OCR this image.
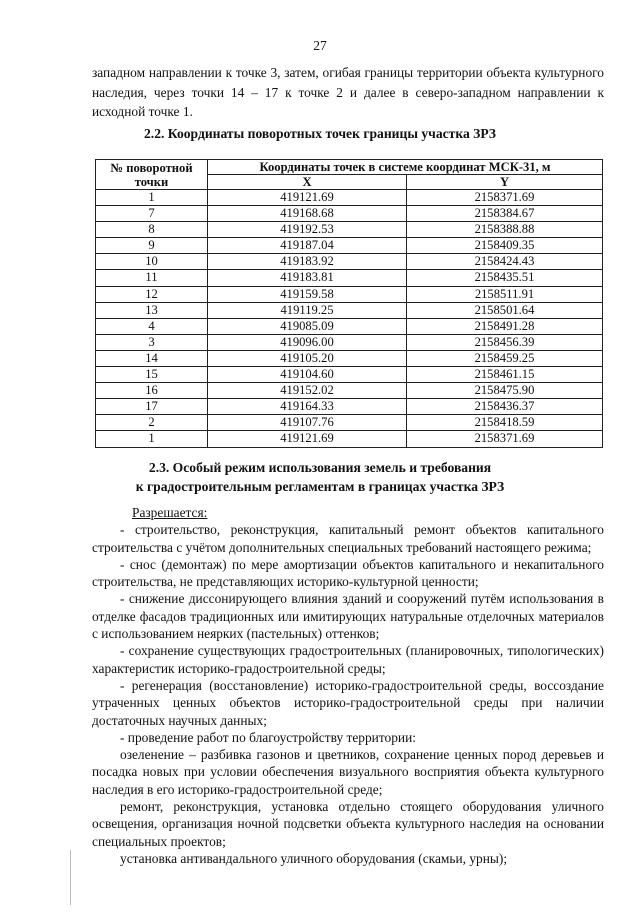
27

западном направлении к точке 3, затем, огибая границы территории объекта культурного наследия, через точки 14 – 17 к точке 2 и далее в северо-западном направлении к исходной точке 1.

2.2. Координаты поворотных точек границы участка ЗРЗ
№ поворотной точки	Координаты точек в системе координат МСК-31, м	
	X	Y
1	419121.69	2158371.69
7	419168.68	2158384.67
8	419192.53	2158388.88
9	419187.04	2158409.35
10	419183.92	2158424.43
11	419183.81	2158435.51
12	419159.58	2158511.91
13	419119.25	2158501.64
4	419085.09	2158491.28
3	419096.00	2158456.39
14	419105.20	2158459.25
15	419104.60	2158461.15
16	419152.02	2158475.90
17	419164.33	2158436.37
2	419107.76	2158418.59
1	419121.69	2158371.69
2.3. Особый режим использования земель и требования
к градостроительным регламентам в границах участка ЗРЗ

Разрешается:

- строительство, реконструкция, капитальный ремонт объектов капитального строительства с учётом дополнительных специальных требований настоящего режима;

- снос (демонтаж) по мере амортизации объектов капитального и некапитального строительства, не представляющих историко-культурной ценности;

- снижение диссонирующего влияния зданий и сооружений путём использования в отделке фасадов традиционных или имитирующих натуральные отделочных материалов с использованием неярких (пастельных) оттенков;

- сохранение существующих градостроительных (планировочных, типологических) характеристик историко-градостроительной среды;

- регенерация (восстановление) историко-градостроительной среды, воссоздание утраченных ценных объектов историко-градостроительной среды при наличии достаточных научных данных;

- проведение работ по благоустройству территории:

озеленение – разбивка газонов и цветников, сохранение ценных пород деревьев и посадка новых при условии обеспечения визуального восприятия объекта культурного наследия в его историко-градостроительной среде;

ремонт, реконструкция, установка отдельно стоящего оборудования уличного освещения, организация ночной подсветки объекта культурного наследия на основании специальных проектов;

установка антивандального уличного оборудования (скамьи, урны);
